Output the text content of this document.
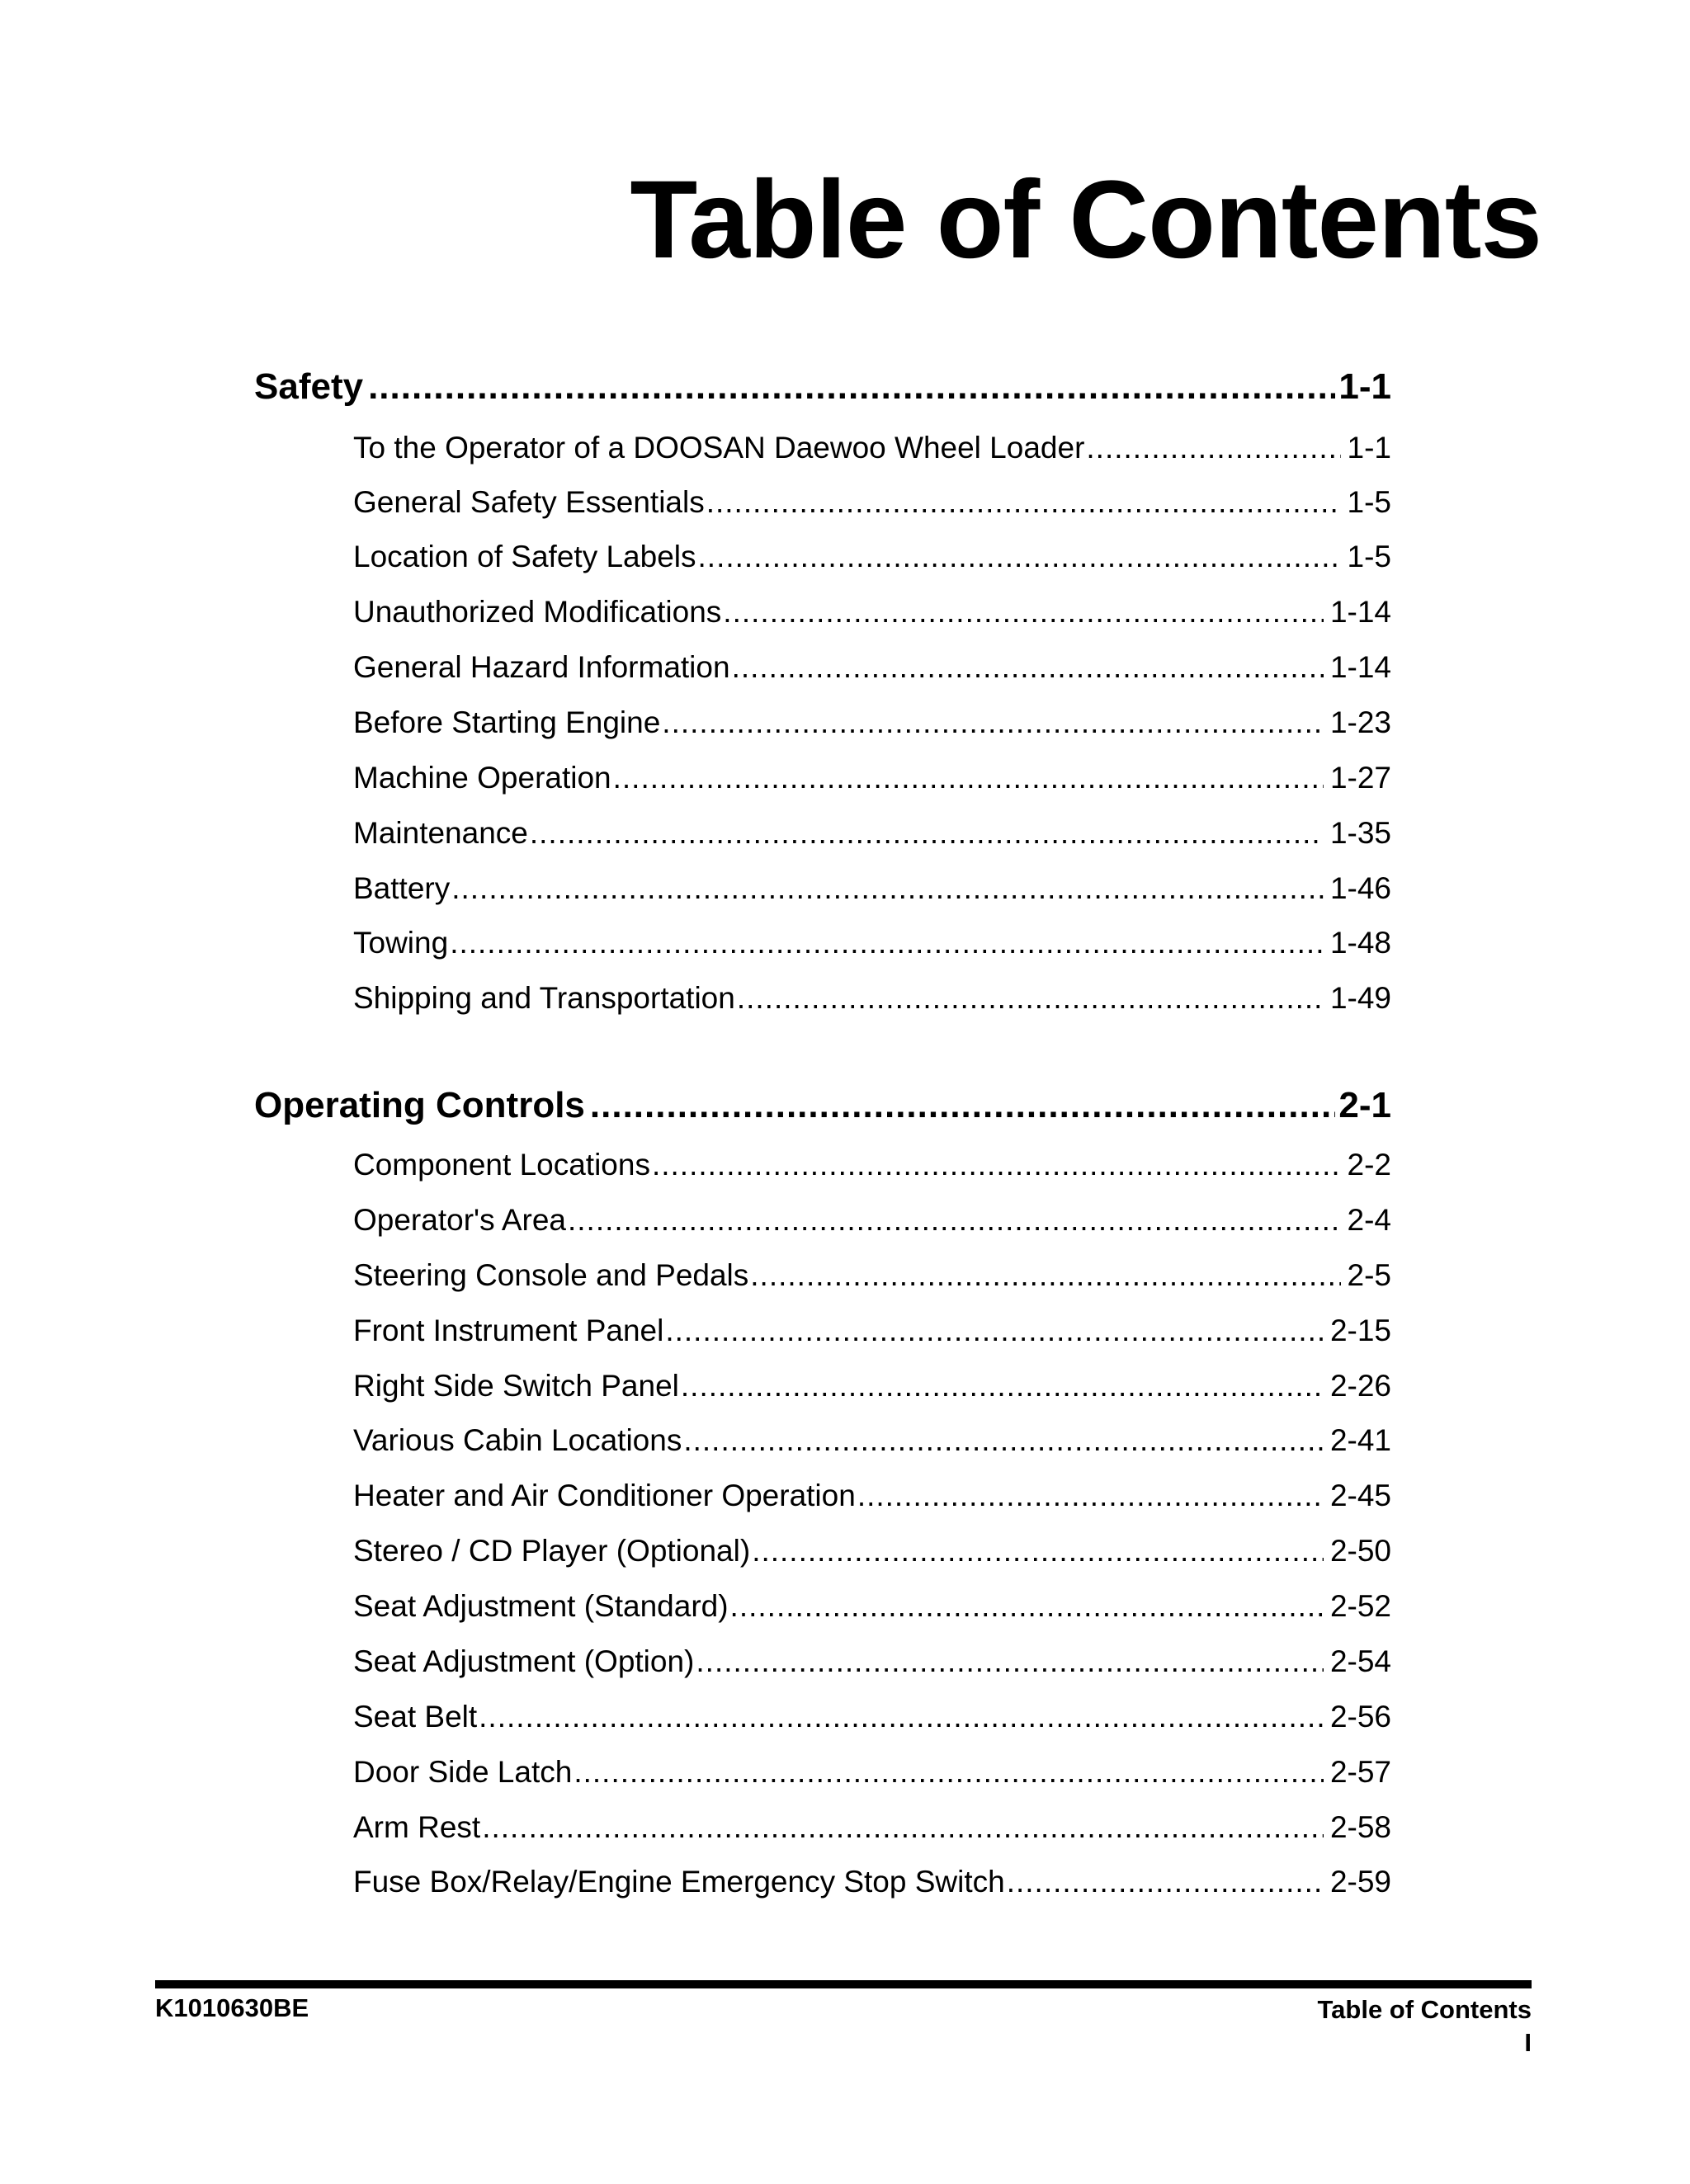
Table of Contents
Safety .....	1-1
To the Operator of a DOOSAN Daewoo Wheel Loader .....	1-1
General Safety Essentials .....	1-5
Location of Safety Labels .....	1-5
Unauthorized Modifications .....	1-14
General Hazard Information .....	1-14
Before Starting Engine .....	1-23
Machine Operation .....	1-27
Maintenance .....	1-35
Battery .....	1-46
Towing .....	1-48
Shipping and Transportation .....	1-49
Operating Controls .....	2-1
Component Locations .....	2-2
Operator's Area .....	2-4
Steering Console and Pedals .....	2-5
Front Instrument Panel .....	2-15
Right Side Switch Panel .....	2-26
Various Cabin Locations .....	2-41
Heater and Air Conditioner Operation .....	2-45
Stereo / CD Player (Optional) .....	2-50
Seat Adjustment (Standard) .....	2-52
Seat Adjustment (Option) .....	2-54
Seat Belt .....	2-56
Door Side Latch .....	2-57
Arm Rest .....	2-58
Fuse Box/Relay/Engine Emergency Stop Switch .....	2-59
K1010630BE	Table of Contents
I
